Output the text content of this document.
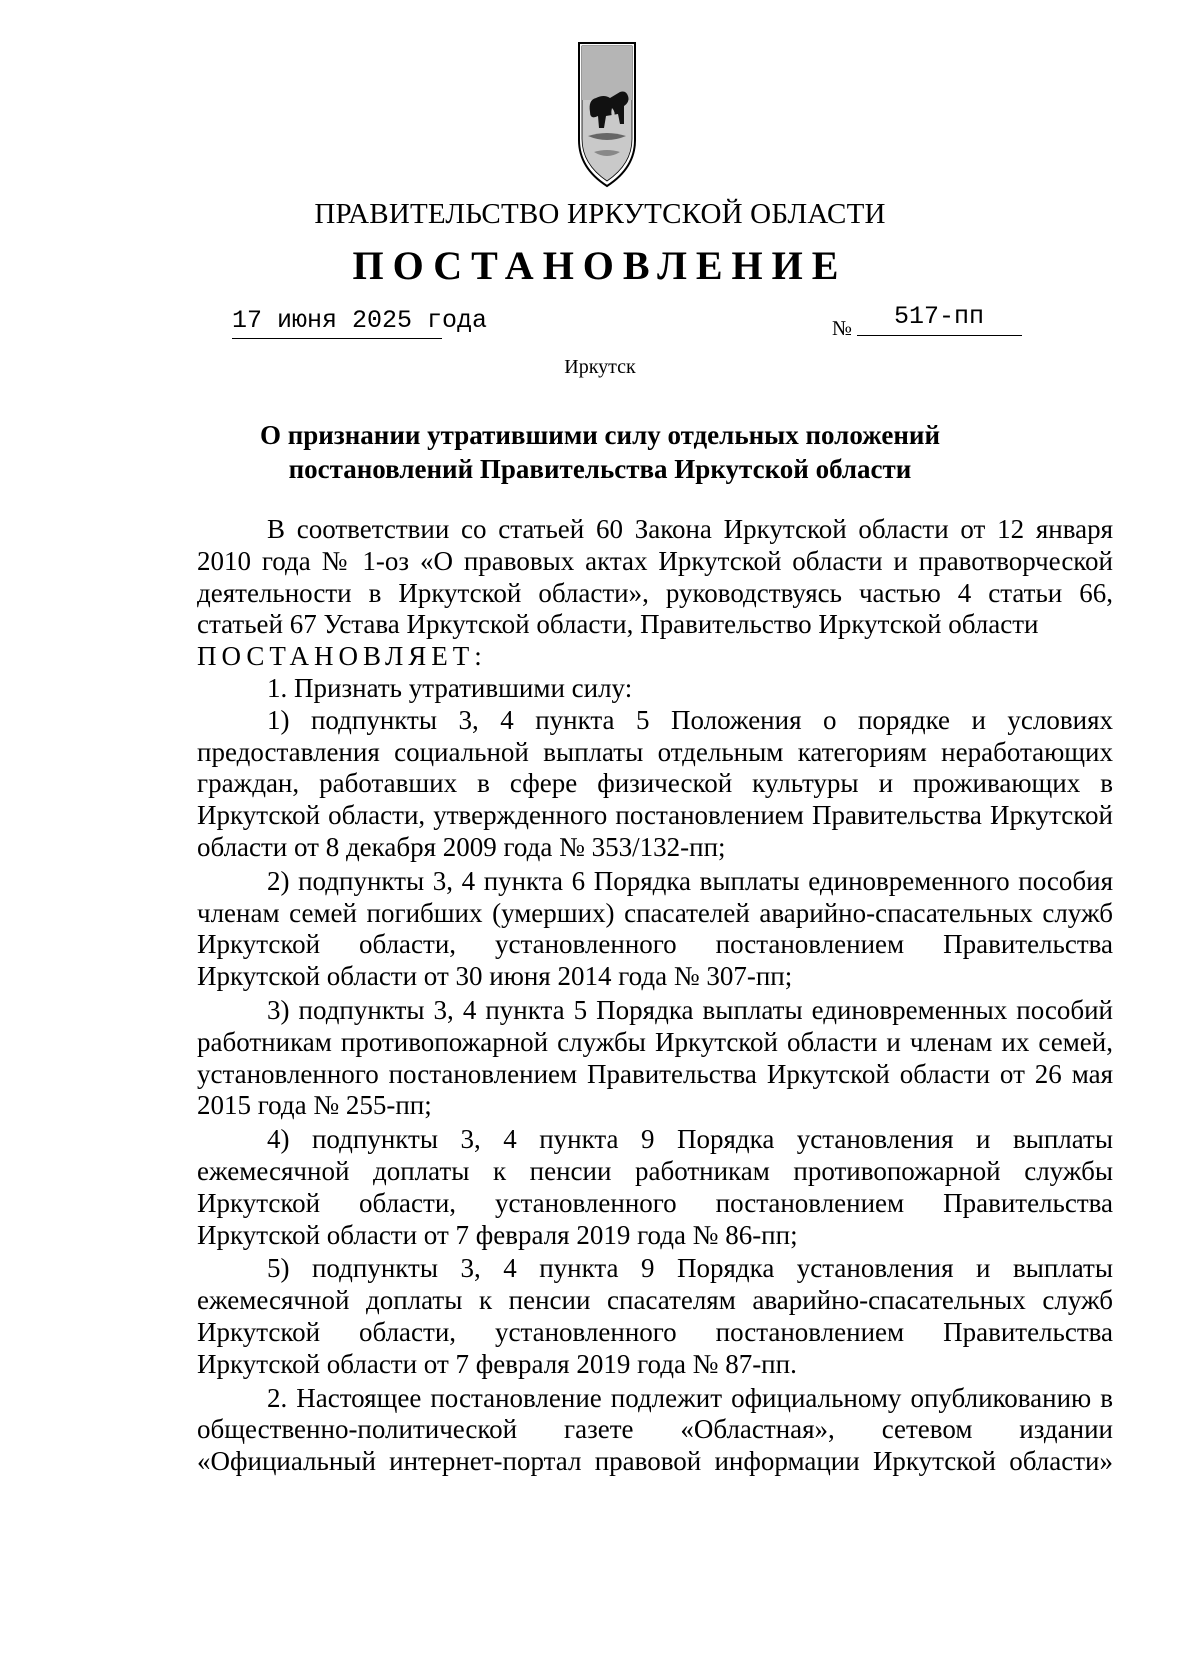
ПРАВИТЕЛЬСТВО ИРКУТСКОЙ ОБЛАСТИ
ПОСТАНОВЛЕНИЕ
17 июня 2025 года	№ 517-пп
Иркутск
О признании утратившими силу отдельных положений
постановлений Правительства Иркутской области

В соответствии со статьей 60 Закона Иркутской области от 12 января 2010 года № 1-оз «О правовых актах Иркутской области и правотворческой деятельности в Иркутской области», руководствуясь частью 4 статьи 66, статьей 67 Устава Иркутской области, Правительство Иркутской области

ПОСТАНОВЛЯЕТ:

1. Признать утратившими силу:

1) подпункты 3, 4 пункта 5 Положения о порядке и условиях предоставления социальной выплаты отдельным категориям неработающих граждан, работавших в сфере физической культуры и проживающих в Иркутской области, утвержденного постановлением Правительства Иркутской области от 8 декабря 2009 года № 353/132-пп;

2) подпункты 3, 4 пункта 6 Порядка выплаты единовременного пособия членам семей погибших (умерших) спасателей аварийно-спасательных служб Иркутской области, установленного постановлением Правительства Иркутской области от 30 июня 2014 года № 307-пп;

3) подпункты 3, 4 пункта 5 Порядка выплаты единовременных пособий работникам противопожарной службы Иркутской области и членам их семей, установленного постановлением Правительства Иркутской области от 26 мая 2015 года № 255-пп;

4) подпункты 3, 4 пункта 9 Порядка установления и выплаты ежемесячной доплаты к пенсии работникам противопожарной службы Иркутской области, установленного постановлением Правительства Иркутской области от 7 февраля 2019 года № 86-пп;

5) подпункты 3, 4 пункта 9 Порядка установления и выплаты ежемесячной доплаты к пенсии спасателям аварийно-спасательных служб Иркутской области, установленного постановлением Правительства Иркутской области от 7 февраля 2019 года № 87-пп.

2. Настоящее постановление подлежит официальному опубликованию в общественно-политической газете «Областная», сетевом издании «Официальный интернет-портал правовой информации Иркутской области»
